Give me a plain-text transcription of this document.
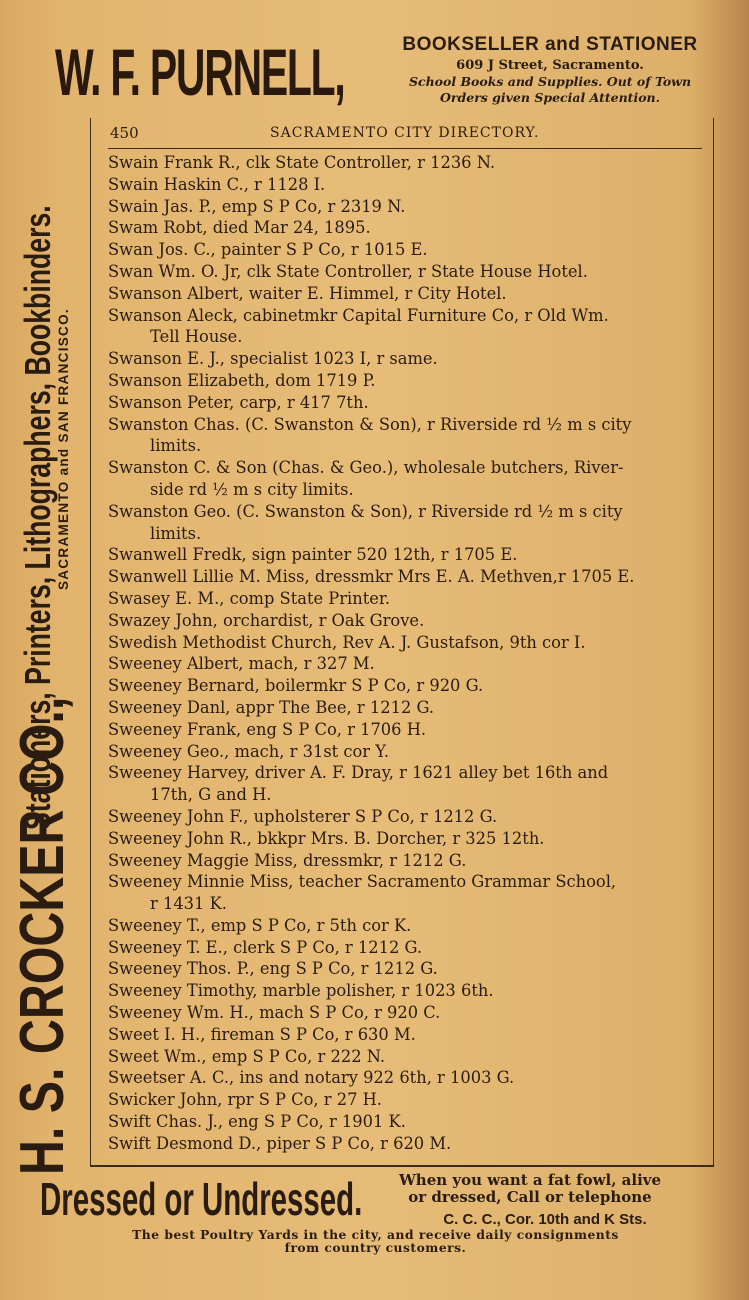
W. F. PURNELL,	BOOKSELLER and STATIONER
609 J Street, Sacramento.
School Books and Supplies. Out of Town
Orders given Special Attention.
H. S. CROCKER CO.,
Stationers, Printers, Lithographers, Bookbinders.
SACRAMENTO and SAN FRANCISCO.
450	SACRAMENTO CITY DIRECTORY.
Swain Frank R., clk State Controller, r 1236 N.
Swain Haskin C., r 1128 I.
Swain Jas. P., emp S P Co, r 2319 N.
Swam Robt, died Mar 24, 1895.
Swan Jos. C., painter S P Co, r 1015 E.
Swan Wm. O. Jr, clk State Controller, r State House Hotel.
Swanson Albert, waiter E. Himmel, r City Hotel.
Swanson Aleck, cabinetmkr Capital Furniture Co, r Old Wm.
Tell House.
Swanson E. J., specialist 1023 I, r same.
Swanson Elizabeth, dom 1719 P.
Swanson Peter, carp, r 417 7th.
Swanston Chas. (C. Swanston & Son), r Riverside rd ½ m s city
limits.
Swanston C. & Son (Chas. & Geo.), wholesale butchers, River-
side rd ½ m s city limits.
Swanston Geo. (C. Swanston & Son), r Riverside rd ½ m s city
limits.
Swanwell Fredk, sign painter 520 12th, r 1705 E.
Swanwell Lillie M. Miss, dressmkr Mrs E. A. Methven,r 1705 E.
Swasey E. M., comp State Printer.
Swazey John, orchardist, r Oak Grove.
Swedish Methodist Church, Rev A. J. Gustafson, 9th cor I.
Sweeney Albert, mach, r 327 M.
Sweeney Bernard, boilermkr S P Co, r 920 G.
Sweeney Danl, appr The Bee, r 1212 G.
Sweeney Frank, eng S P Co, r 1706 H.
Sweeney Geo., mach, r 31st cor Y.
Sweeney Harvey, driver A. F. Dray, r 1621 alley bet 16th and
17th, G and H.
Sweeney John F., upholsterer S P Co, r 1212 G.
Sweeney John R., bkkpr Mrs. B. Dorcher, r 325 12th.
Sweeney Maggie Miss, dressmkr, r 1212 G.
Sweeney Minnie Miss, teacher Sacramento Grammar School,
r 1431 K.
Sweeney T., emp S P Co, r 5th cor K.
Sweeney T. E., clerk S P Co, r 1212 G.
Sweeney Thos. P., eng S P Co, r 1212 G.
Sweeney Timothy, marble polisher, r 1023 6th.
Sweeney Wm. H., mach S P Co, r 920 C.
Sweet I. H., fireman S P Co, r 630 M.
Sweet Wm., emp S P Co, r 222 N.
Sweetser A. C., ins and notary 922 6th, r 1003 G.
Swicker John, rpr S P Co, r 27 H.
Swift Chas. J., eng S P Co, r 1901 K.
Swift Desmond D., piper S P Co, r 620 M.
Dressed or Undressed.	When you want a fat fowl, alive
or dressed, Call or telephone
C. C. C., Cor. 10th and K Sts.
The best Poultry Yards in the city, and receive daily consignments
from country customers.
